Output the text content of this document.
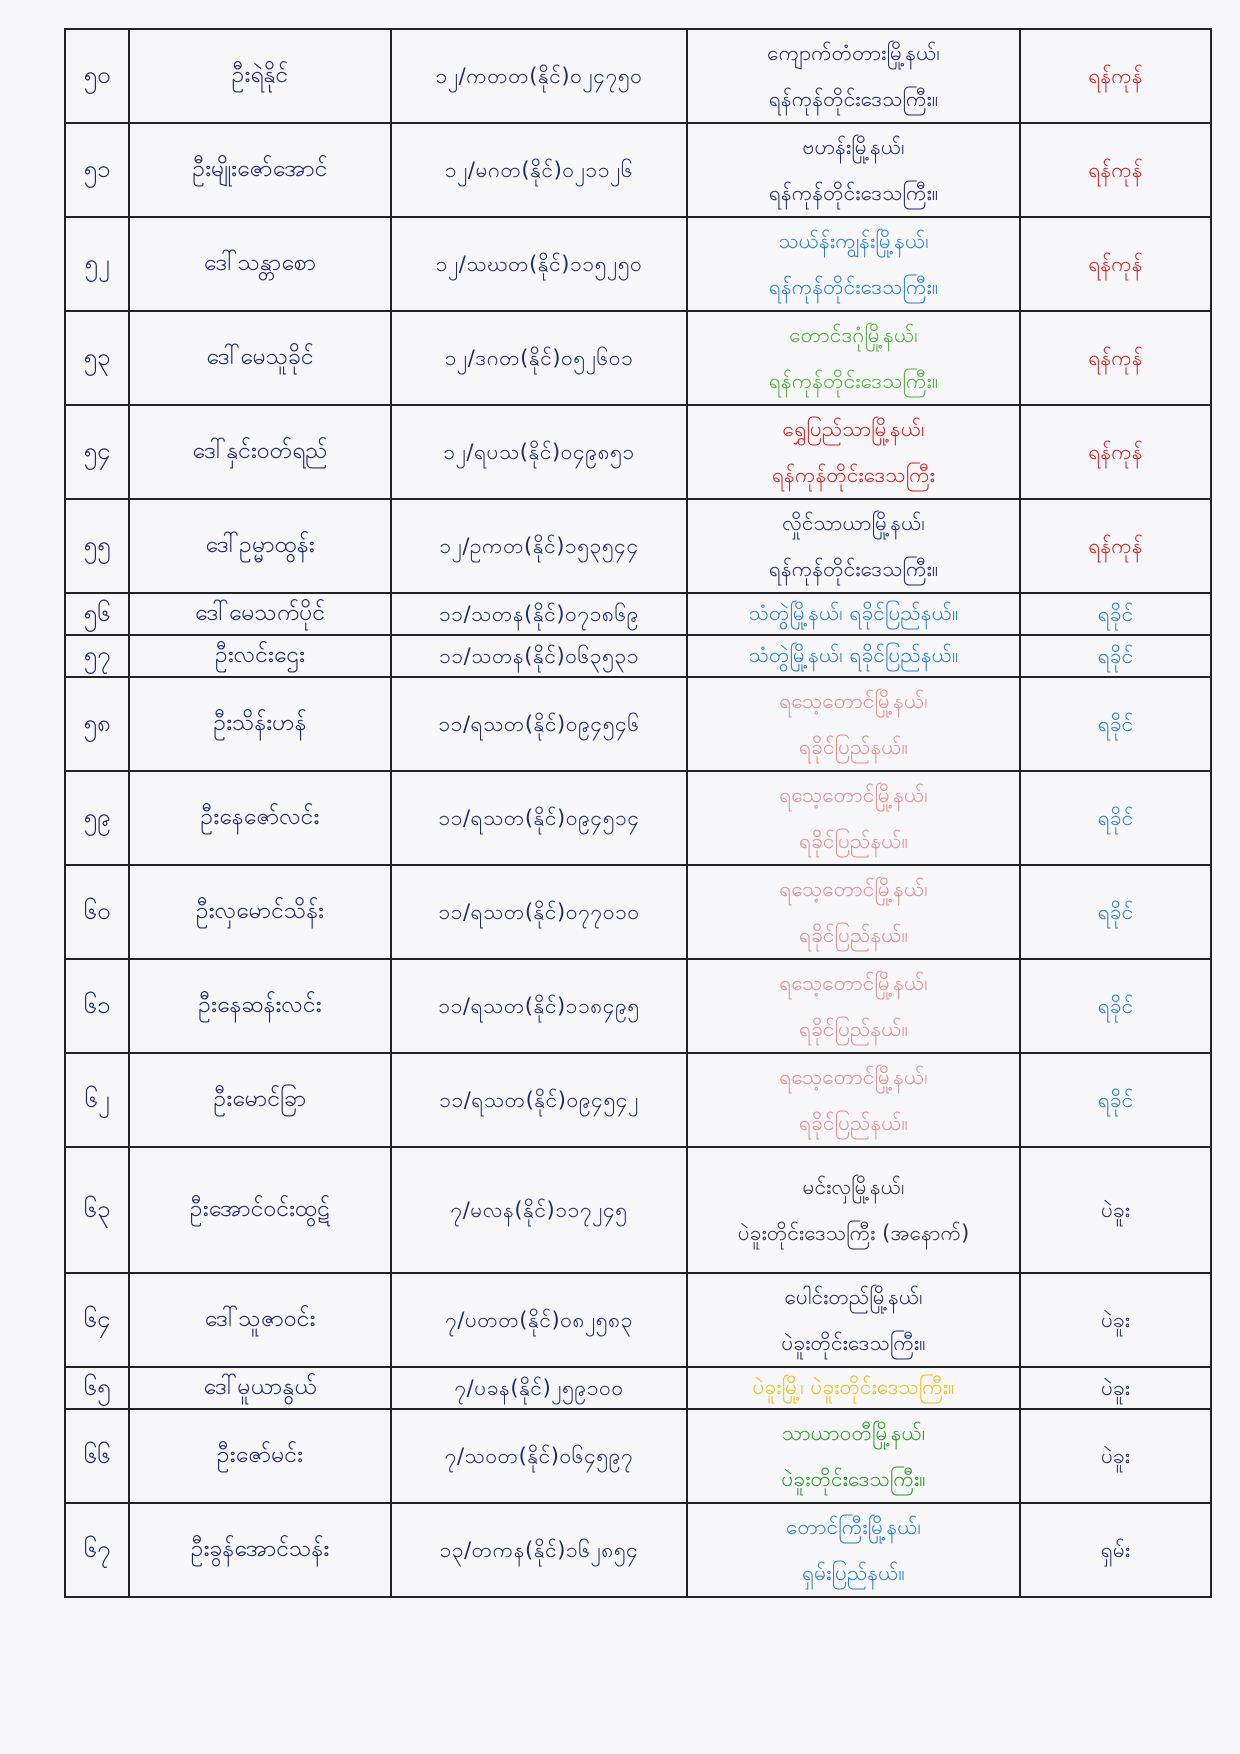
၅၀	ဦးရဲနိုင်	၁၂/ကတတ(နိုင်)၀၂၄၇၅၀	ကျောက်တံတားမြို့နယ်၊
ရန်ကုန်တိုင်းဒေသကြီး။	ရန်ကုန်
၅၁	ဦးမျိုးဇော်အောင်	၁၂/မဂတ(နိုင်)၀၂၁၁၂၆	ဗဟန်းမြို့နယ်၊
ရန်ကုန်တိုင်းဒေသကြီး။	ရန်ကုန်
၅၂	ဒေါ်သန္တာစော	၁၂/သဃတ(နိုင်)၁၁၅၂၅၀	သယ်န်းကျွန်းမြို့နယ်၊
ရန်ကုန်တိုင်းဒေသကြီး။	ရန်ကုန်
၅၃	ဒေါ်မေသူခိုင်	၁၂/ဒဂတ(နိုင်)၀၅၂၆၀၁	တောင်ဒဂုံမြို့နယ်၊
ရန်ကုန်တိုင်းဒေသကြီး။	ရန်ကုန်
၅၄	ဒေါ်နှင်းဝတ်ရည်	၁၂/ရပသ(နိုင်)၀၄၉၈၅၁	ရွှေပြည်သာမြို့နယ်၊
ရန်ကုန်တိုင်းဒေသကြီး	ရန်ကုန်
၅၅	ဒေါ်ဥမ္မာထွန်း	၁၂/ဥကတ(နိုင်)၁၅၃၅၄၄	လှိုင်သာယာမြို့နယ်၊
ရန်ကုန်တိုင်းဒေသကြီး။	ရန်ကုန်
၅၆	ဒေါ်မေသက်ပိုင်	၁၁/သတန(နိုင်)၀၇၁၈၆၉	သံတွဲမြို့နယ်၊ ရခိုင်ပြည်နယ်။	ရခိုင်
၅၇	ဦးလင်းဌေး	၁၁/သတန(နိုင်)၀၆၃၅၃၁	သံတွဲမြို့နယ်၊ ရခိုင်ပြည်နယ်။	ရခိုင်
၅၈	ဦးသိန်းဟန်	၁၁/ရသတ(နိုင်)၀၉၄၅၄၆	ရသေ့တောင်မြို့နယ်၊
ရခိုင်ပြည်နယ်။	ရခိုင်
၅၉	ဦးနေဇော်လင်း	၁၁/ရသတ(နိုင်)၀၉၄၅၁၄	ရသေ့တောင်မြို့နယ်၊
ရခိုင်ပြည်နယ်။	ရခိုင်
၆၀	ဦးလှမောင်သိန်း	၁၁/ရသတ(နိုင်)၀၇၇၀၁၀	ရသေ့တောင်မြို့နယ်၊
ရခိုင်ပြည်နယ်။	ရခိုင်
၆၁	ဦးနေဆန်းလင်း	၁၁/ရသတ(နိုင်)၁၁၈၄၉၅	ရသေ့တောင်မြို့နယ်၊
ရခိုင်ပြည်နယ်။	ရခိုင်
၆၂	ဦးမောင်ခြာ	၁၁/ရသတ(နိုင်)၀၉၄၅၄၂	ရသေ့တောင်မြို့နယ်၊
ရခိုင်ပြည်နယ်။	ရခိုင်
၆၃	ဦးအောင်ဝင်းထွဋ်	၇/မလန(နိုင်)၁၁၇၂၄၅	မင်းလှမြို့နယ်၊
ပဲခူးတိုင်းဒေသကြီး (အနောက်)	ပဲခူး
၆၄	ဒေါ်သူဇာဝင်း	၇/ပတတ(နိုင်)၀၈၂၅၈၃	ပေါင်းတည်မြို့နယ်၊
ပဲခူးတိုင်းဒေသကြီး။	ပဲခူး
၆၅	ဒေါ်မူယာနွယ်	၇/ပခန(နိုင်)၂၅၉၁၀၀	ပဲခူးမြို့၊ ပဲခူးတိုင်းဒေသကြီး။	ပဲခူး
၆၆	ဦးဇော်မင်း	၇/သဝတ(နိုင်)၀၆၄၅၉၇	သာယာဝတီမြို့နယ်၊
ပဲခူးတိုင်းဒေသကြီး။	ပဲခူး
၆၇	ဦးခွန်အောင်သန်း	၁၃/တကန(နိုင်)၁၆၂၈၅၄	တောင်ကြီးမြို့နယ်၊
ရှမ်းပြည်နယ်။	ရှမ်း
